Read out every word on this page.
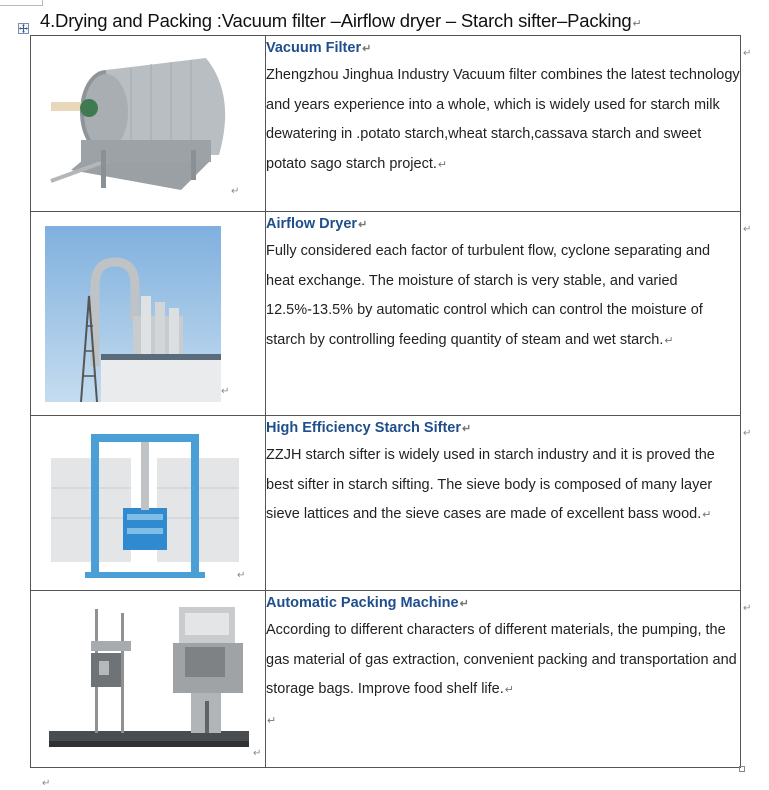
4.Drying and Packing :Vacuum filter –Airflow dryer – Starch sifter–Packing↵
↵	Vacuum Filter↵
Zhengzhou Jinghua Industry Vacuum filter combines the latest technology and years experience into a whole, which is widely used for starch milk dewatering in .potato starch,wheat starch,cassava starch and sweet potato sago starch project.↵

↵	Airflow Dryer↵
Fully considered each factor of turbulent flow, cyclone separating and heat exchange. The moisture of starch is very stable, and varied 12.5%-13.5% by automatic control which can control the moisture of starch by controlling feeding quantity of steam and wet starch.↵

↵	High Efficiency Starch Sifter↵
ZZJH starch sifter is widely used in starch industry and it is proved the best sifter in starch sifting. The sieve body is composed of many layer sieve lattices and the sieve cases are made of excellent bass wood.↵

↵	Automatic Packing Machine↵
According to different characters of different materials, the pumping, the gas material of gas extraction, convenient packing and transportation and storage bags. Improve food shelf life.↵
↵
↵
↵
↵
↵
↵
